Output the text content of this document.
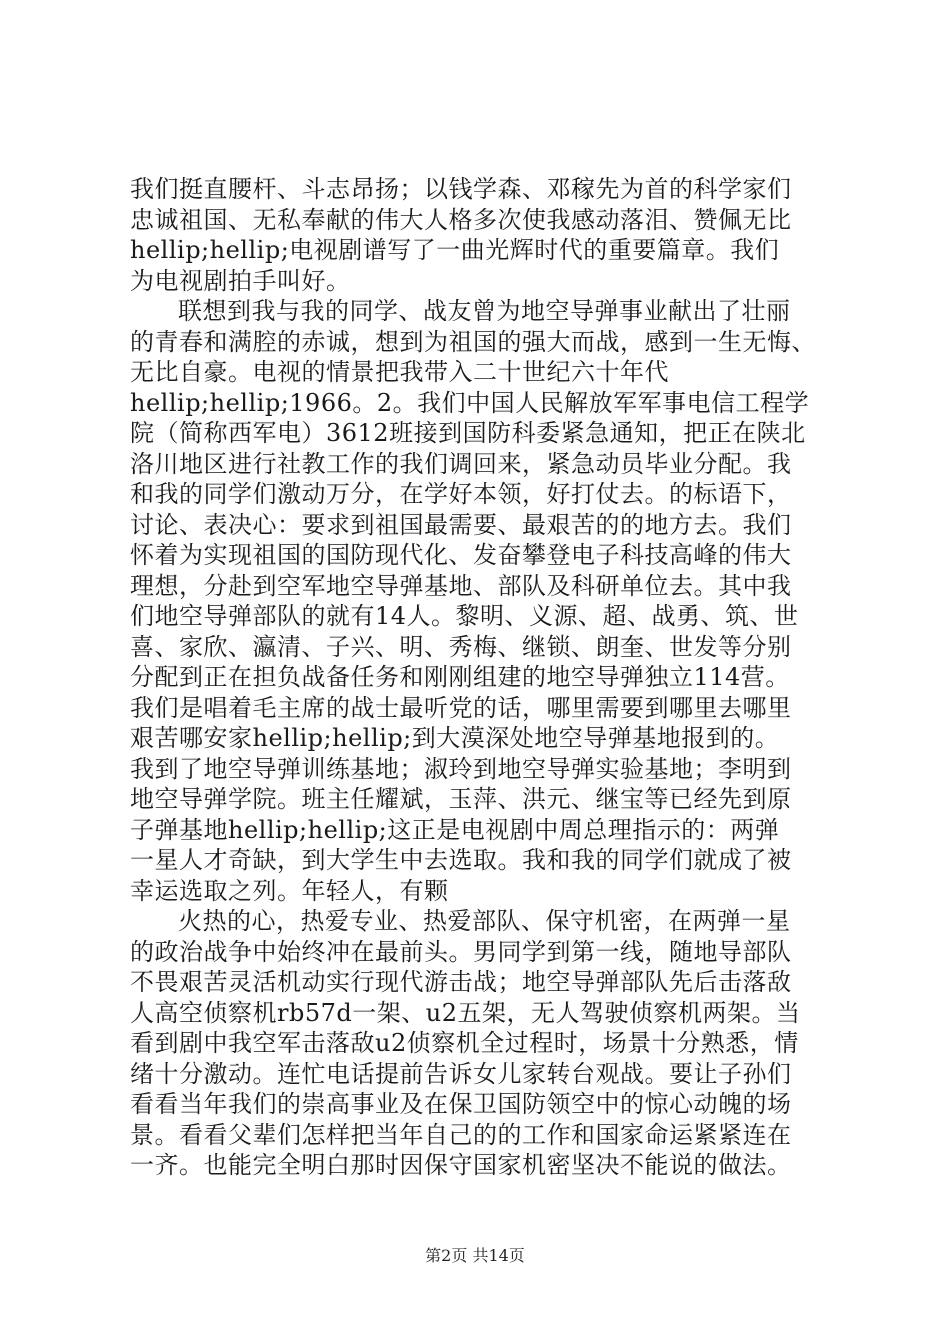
我们挺直腰杆、斗志昂扬；以钱学森、邓稼先为首的科学家们
忠诚祖国、无私奉献的伟大人格多次使我感动落泪、赞佩无比
hellip;hellip;电视剧谱写了一曲光辉时代的重要篇章。我们
为电视剧拍手叫好。
联想到我与我的同学、战友曾为地空导弹事业献出了壮丽
的青春和满腔的赤诚，想到为祖国的强大而战，感到一生无悔、
无比自豪。电视的情景把我带入二十世纪六十年代
hellip;hellip;1966。2。我们中国人民解放军军事电信工程学
院（简称西军电）3612班接到国防科委紧急通知，把正在陕北
洛川地区进行社教工作的我们调回来，紧急动员毕业分配。我
和我的同学们激动万分，在学好本领，好打仗去。的标语下，
讨论、表决心：要求到祖国最需要、最艰苦的的地方去。我们
怀着为实现祖国的国防现代化、发奋攀登电子科技高峰的伟大
理想，分赴到空军地空导弹基地、部队及科研单位去。其中我
们地空导弹部队的就有14人。黎明、义源、超、战勇、筑、世
喜、家欣、瀛清、子兴、明、秀梅、继锁、朗奎、世发等分别
分配到正在担负战备任务和刚刚组建的地空导弹独立114营。
我们是唱着毛主席的战士最听党的话，哪里需要到哪里去哪里
艰苦哪安家hellip;hellip;到大漠深处地空导弹基地报到的。
我到了地空导弹训练基地；淑玲到地空导弹实验基地；李明到
地空导弹学院。班主任耀斌，玉萍、洪元、继宝等已经先到原
子弹基地hellip;hellip;这正是电视剧中周总理指示的：两弹
一星人才奇缺，到大学生中去选取。我和我的同学们就成了被
幸运选取之列。年轻人，有颗
火热的心，热爱专业、热爱部队、保守机密，在两弹一星
的政治战争中始终冲在最前头。男同学到第一线，随地导部队
不畏艰苦灵活机动实行现代游击战；地空导弹部队先后击落敌
人高空侦察机rb57d一架、u2五架，无人驾驶侦察机两架。当
看到剧中我空军击落敌u2侦察机全过程时，场景十分熟悉，情
绪十分激动。连忙电话提前告诉女儿家转台观战。要让子孙们
看看当年我们的崇高事业及在保卫国防领空中的惊心动魄的场
景。看看父辈们怎样把当年自己的的工作和国家命运紧紧连在
一齐。也能完全明白那时因保守国家机密坚决不能说的做法。
第2页 共14页
